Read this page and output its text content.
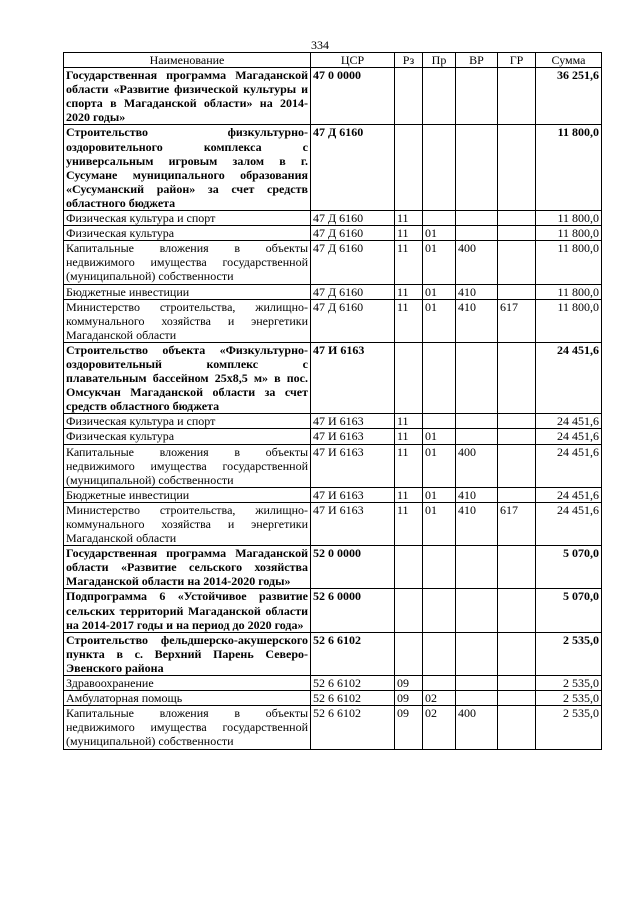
334
Наименование	ЦСР	Рз	Пр	ВР	ГР	Сумма
Государственная программа Магаданской области «Развитие физической культуры и спорта в Магаданской области» на 2014-2020 годы»	47 0 0000					36 251,6
Строительство физкультурно-оздоровительного комплекса с универсальным игровым залом в г. Сусумане муниципального образования «Сусуманский район» за счет средств областного бюджета	47 Д 6160					11 800,0
Физическая культура и спорт	47 Д 6160	11				11 800,0
Физическая культура	47 Д 6160	11	01			11 800,0
Капитальные вложения в объекты недвижимого имущества государственной (муниципальной) собственности	47 Д 6160	11	01	400		11 800,0
Бюджетные инвестиции	47 Д 6160	11	01	410		11 800,0
Министерство строительства, жилищно-коммунального хозяйства и энергетики Магаданской области	47 Д 6160	11	01	410	617	11 800,0
Строительство объекта «Физкультурно-оздоровительный комплекс с плавательным бассейном 25х8,5 м» в пос. Омсукчан Магаданской области за счет средств областного бюджета	47 И 6163					24 451,6
Физическая культура и спорт	47 И 6163	11				24 451,6
Физическая культура	47 И 6163	11	01			24 451,6
Капитальные вложения в объекты недвижимого имущества государственной (муниципальной) собственности	47 И 6163	11	01	400		24 451,6
Бюджетные инвестиции	47 И 6163	11	01	410		24 451,6
Министерство строительства, жилищно-коммунального хозяйства и энергетики Магаданской области	47 И 6163	11	01	410	617	24 451,6
Государственная программа Магаданской области «Развитие сельского хозяйства Магаданской области на 2014-2020 годы»	52 0 0000					5 070,0
Подпрограмма 6 «Устойчивое развитие сельских территорий Магаданской области на 2014-2017 годы и на период до 2020 года»	52 6 0000					5 070,0
Строительство фельдшерско-акушерского пункта в с. Верхний Парень Северо-Эвенского района	52 6 6102					2 535,0
Здравоохранение	52 6 6102	09				2 535,0
Амбулаторная помощь	52 6 6102	09	02			2 535,0
Капитальные вложения в объекты недвижимого имущества государственной (муниципальной) собственности	52 6 6102	09	02	400		2 535,0
